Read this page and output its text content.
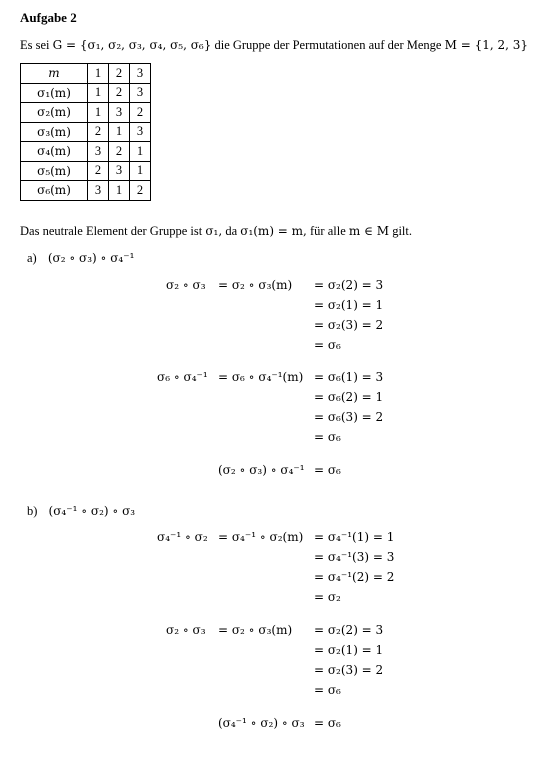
Aufgabe 2
Es sei G = {σ₁, σ₂, σ₃, σ₄, σ₅, σ₆} die Gruppe der Permutationen auf der Menge M = {1, 2, 3}
m	1	2	3
σ₁(m)	1	2	3
σ₂(m)	1	3	2
σ₃(m)	2	1	3
σ₄(m)	3	2	1
σ₅(m)	2	3	1
σ₆(m)	3	1	2
Das neutrale Element der Gruppe ist σ₁, da σ₁(m) = m, für alle m ∈ M gilt.
a) (σ₂ ∘ σ₃) ∘ σ₄⁻¹
σ₂ ∘ σ₃ = σ₂ ∘ σ₃(m) = σ₂(2) = 3
= σ₂(1) = 1
= σ₂(3) = 2
= σ₆
σ₆ ∘ σ₄⁻¹ = σ₆ ∘ σ₄⁻¹(m) = σ₆(1) = 3
= σ₆(2) = 1
= σ₆(3) = 2
= σ₆
(σ₂ ∘ σ₃) ∘ σ₄⁻¹ = σ₆
b) (σ₄⁻¹ ∘ σ₂) ∘ σ₃
σ₄⁻¹ ∘ σ₂ = σ₄⁻¹ ∘ σ₂(m) = σ₄⁻¹(1) = 1
= σ₄⁻¹(3) = 3
= σ₄⁻¹(2) = 2
= σ₂
σ₂ ∘ σ₃ = σ₂ ∘ σ₃(m) = σ₂(2) = 3
= σ₂(1) = 1
= σ₂(3) = 2
= σ₆
(σ₄⁻¹ ∘ σ₂) ∘ σ₃ = σ₆
